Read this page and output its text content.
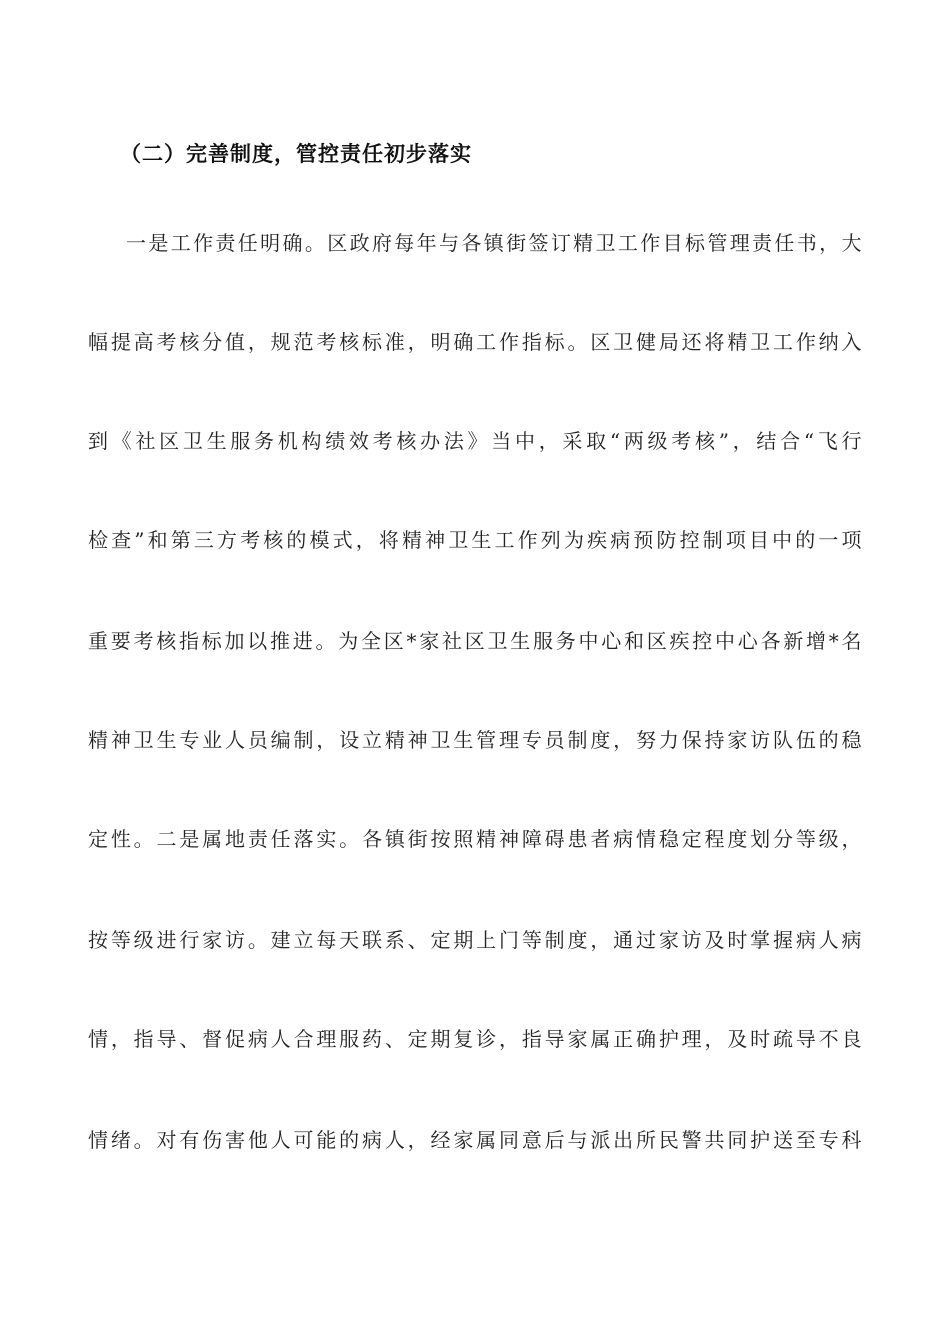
（二）完善制度，管控责任初步落实
一是工作责任明确。区政府每年与各镇街签订精卫工作目标管理责任书，大
幅提高考核分值，规范考核标准，明确工作指标。区卫健局还将精卫工作纳入
到《社区卫生服务机构绩效考核办法》当中，采取“两级考核”，结合“飞行
检查”和第三方考核的模式，将精神卫生工作列为疾病预防控制项目中的一项
重要考核指标加以推进。为全区*家社区卫生服务中心和区疾控中心各新增*名
精神卫生专业人员编制，设立精神卫生管理专员制度，努力保持家访队伍的稳
定性。二是属地责任落实。各镇街按照精神障碍患者病情稳定程度划分等级，
按等级进行家访。建立每天联系、定期上门等制度，通过家访及时掌握病人病
情，指导、督促病人合理服药、定期复诊，指导家属正确护理，及时疏导不良
情绪。对有伤害他人可能的病人，经家属同意后与派出所民警共同护送至专科
